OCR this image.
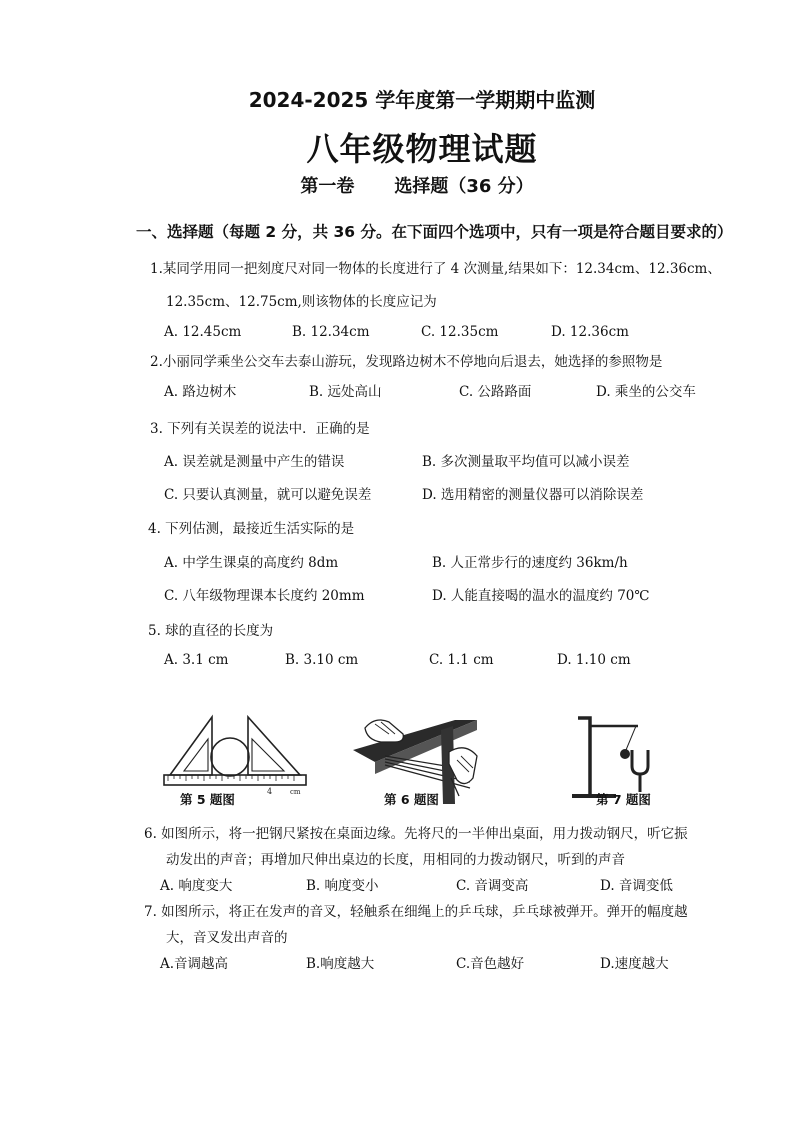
2024-2025 学年度第一学期期中监测
八年级物理试题
第一卷 选择题（36 分）
一、选择题（每题 2 分，共 36 分。在下面四个选项中，只有一项是符合题目要求的）
1.某同学用同一把刻度尺对同一物体的长度进行了 4 次测量,结果如下：12.34cm、12.36cm、
12.35cm、12.75cm,则该物体的长度应记为
A. 12.45cm	B. 12.34cm	C. 12.35cm	D. 12.36cm
2.小丽同学乘坐公交车去泰山游玩，发现路边树木不停地向后退去，她选择的参照物是
A. 路边树木	B. 远处高山	C. 公路路面	D. 乘坐的公交车
3. 下列有关误差的说法中．正确的是
A. 误差就是测量中产生的错误	B. 多次测量取平均值可以减小误差
C. 只要认真测量，就可以避免误差	D. 选用精密的测量仪器可以消除误差
4. 下列估测，最接近生活实际的是
A. 中学生课桌的高度约 8dm	B. 人正常步行的速度约 36km/h
C. 八年级物理课本长度约 20mm	D. 人能直接喝的温水的温度约 70℃
5. 球的直径的长度为
A. 3.1 cm	B. 3.10 cm	C. 1.1 cm	D. 1.10 cm
4	cm
第 5 题图	第 6 题图	第 7 题图
6. 如图所示，将一把钢尺紧按在桌面边缘。先将尺的一半伸出桌面，用力拨动钢尺，听它振
动发出的声音；再增加尺伸出桌边的长度，用相同的力拨动钢尺，听到的声音
A. 响度变大	B. 响度变小	C. 音调变高	D. 音调变低
7. 如图所示，将正在发声的音叉，轻触系在细绳上的乒乓球，乒乓球被弹开。弹开的幅度越
大，音叉发出声音的
A.音调越高	B.响度越大	C.音色越好	D.速度越大
